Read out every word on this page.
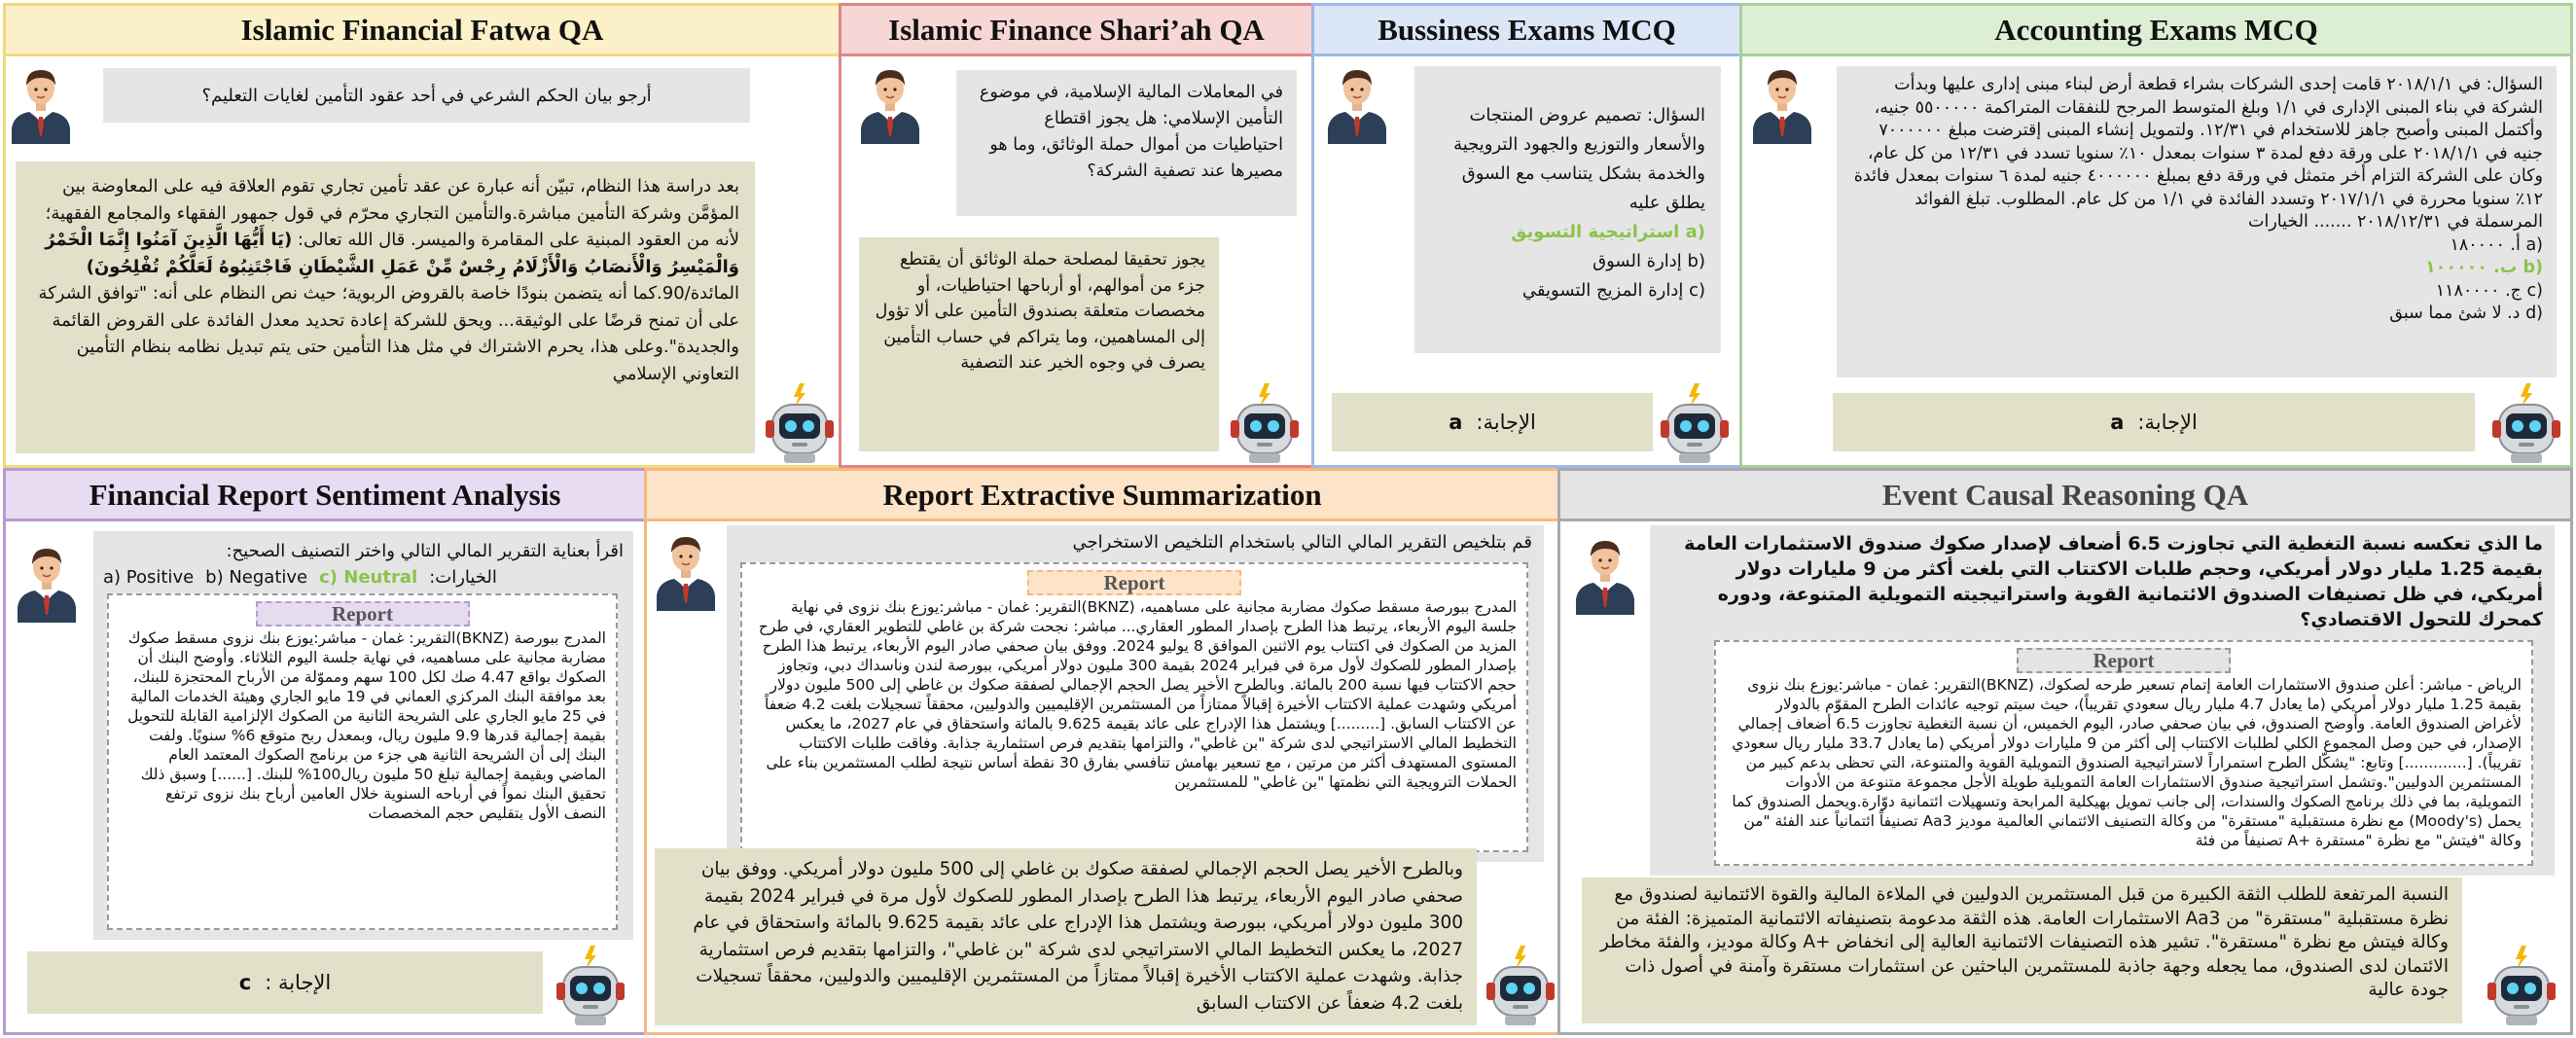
Islamic Financial Fatwa QA
أرجو بيان الحكم الشرعي في أحد عقود التأمين لغايات التعليم؟
بعد دراسة هذا النظام، تبيّن أنه عبارة عن عقد تأمين تجاري تقوم العلاقة فيه على المعاوضة بين المؤمَّن وشركة التأمين مباشرة.والتأمين التجاري محرّم في قول جمهور الفقهاء والمجامع الفقهية؛ لأنه من العقود المبنية على المقامرة والميسر. قال الله تعالى: (يَا أَيُّهَا الَّذِينَ آمَنُوا إِنَّمَا الْخَمْرُ وَالْمَيْسِرُ وَالْأَنصَابُ وَالْأَزْلَامُ رِجْسٌ مِّنْ عَمَلِ الشَّيْطَانِ فَاجْتَنِبُوهُ لَعَلَّكُمْ تُفْلِحُونَ) المائدة/90.كما أنه يتضمن بنودًا خاصة بالقروض الربوية؛ حيث نص النظام على أنه: "توافق الشركة على أن تمنح قرضًا على الوثيقة... ويحق للشركة إعادة تحديد معدل الفائدة على القروض القائمة والجديدة".وعلى هذا، يحرم الاشتراك في مثل هذا التأمين حتى يتم تبديل نظامه بنظام التأمين التعاوني الإسلامي
Islamic Finance Shari’ah QA
في المعاملات المالية الإسلامية، في موضوع التأمين الإسلامي: هل يجوز اقتطاع احتياطيات من أموال حملة الوثائق، وما هو مصيرها عند تصفية الشركة؟
يجوز تحقيقا لمصلحة حملة الوثائق أن يقتطع جزء من أموالهم، أو أرباحها احتياطيات، أو مخصصات متعلقة بصندوق التأمين على ألا تؤول إلى المساهمين، وما يتراكم في حساب التأمين يصرف في وجوه الخير عند التصفية
Bussiness Exams MCQ
السؤال: تصميم عروض المنتجات والأسعار والتوزيع والجهود الترويجية والخدمة بشكل يتناسب مع السوق يطلق عليه
a) استراتيجية التسويق
b) إدارة السوق
c) إدارة المزيج التسويقي
الإجابة:
a
Accounting Exams MCQ
السؤال: في ٢٠١٨/١/١ قامت إحدى الشركات بشراء قطعة أرض لبناء مبنى إدارى عليها وبدأت الشركة في بناء المبنى الإدارى في ١/١ وبلغ المتوسط المرجح للنفقات المتراكمة ٥٥٠٠٠٠٠ جنيه، وأكتمل المبنى وأصبح جاهز للاستخدام في ١٢/٣١. ولتمويل إنشاء المبنى إقترضت مبلغ ٧٠٠٠٠٠٠ جنيه في ٢٠١٨/١/١ على ورقة دفع لمدة ٣ سنوات بمعدل ١٠٪ سنويا تسدد في ١٢/٣١ من كل عام، وكان على الشركة التزام أخر متمثل في ورقة دفع بمبلغ ٤٠٠٠٠٠٠ جنيه لمدة ٦ سنوات بمعدل فائدة ١٢٪ سنويا محررة في ٢٠١٧/١/١ وتسدد الفائدة في ١/١ من كل عام. المطلوب. تبلغ الفوائد المرسملة في ٢٠١٨/١٢/٣١ ....... الخيارات
a) أ. ١٨٠٠٠٠
b) ب. ١٠٠٠٠٠
c) ج. ١١٨٠٠٠٠
d) د. لا شئ مما سبق
الإجابة:
a
Financial Report Sentiment Analysis
اقرأ بعناية التقرير المالي التالي واختر التصنيف الصحيح:
الخيارات:
c) Neutral
b) Negative
a) Positive
Report
المدرج ببورصة (BKNZ)التقرير: غمان - مباشر:يوزع بنك نزوى مسقط صكوك مضاربة مجانية على مساهميه، في نهاية جلسة اليوم الثلاثاء. وأوضح البنك أن الصكوك بواقع 4.47 صك لكل 100 سهم ومموّلة من الأرباح المحتجزة للبنك، بعد موافقة البنك المركزي العماني في 19 مايو الجاري وهيئة الخدمات المالية في 25 مايو الجاري على الشريحة الثانية من الصكوك الإلزامية القابلة للتحويل بقيمة إجمالية قدرها 9.9 مليون ريال، وبمعدل ربح متوقع 6% سنويًا. ولفت البنك إلى أن الشريحة الثانية هي جزء من برنامج الصكوك المعتمد العام الماضي وبقيمة إجمالية تبلغ 50 مليون ريال100% للبنك. [......] وسبق ذلك تحقيق البنك نمواً في أرباحه السنوية خلال العامين أرباح بنك نزوى ترتفع النصف الأول بتقليص حجم المخصصات
الإجابة :
c
Report Extractive Summarization
قم بتلخيص التقرير المالي التالي باستخدام التلخيص الاستخراجي
Report
المدرج ببورصة مسقط صكوك مضاربة مجانية على مساهميه، (BKNZ)التقرير: غمان - مباشر:يوزع بنك نزوى في نهاية جلسة اليوم الأربعاء، يرتبط هذا الطرح بإصدار المطور العقاري... مباشر: نجحت شركة بن غاطي للتطوير العقاري، في طرح المزيد من الصكوك في اكتتاب يوم الاثنين الموافق 8 يوليو 2024. ووفق بيان صحفي صادر اليوم الأربعاء، يرتبط هذا الطرح بإصدار المطور للصكوك لأول مرة في فبراير 2024 بقيمة 300 مليون دولار أمريكي، ببورصة لندن وناسداك دبي، وتجاوز حجم الاكتتاب فيها نسبة 200 بالمائة. وبالطرح الأخير يصل الحجم الإجمالي لصفقة صكوك بن غاطي إلى 500 مليون دولار أمريكي وشهدت عملية الاكتتاب الأخيرة إقبالاً ممتازاً من المستثمرين الإقليميين والدوليين، محققاً تسجيلات بلغت 4.2 ضعفاً عن الاكتتاب السابق. [.........] ويشتمل هذا الإدراج على عائد بقيمة 9.625 بالمائة واستحقاق في عام 2027، ما يعكس التخطيط المالي الاستراتيجي لدى شركة "بن غاطي"، والتزامها بتقديم فرص استثمارية جذابة. وفاقت طلبات الاكتتاب المستوى المستهدف أكثر من مرتين ، مع تسعير بهامش تنافسي بفارق 30 نقطة أساس نتيجة لطلب المستثمرين بناء على الحملات الترويجية التي نظمتها "بن غاطي" للمستثمرين
وبالطرح الأخير يصل الحجم الإجمالي لصفقة صكوك بن غاطي إلى 500 مليون دولار أمريكي. ووفق بيان صحفي صادر اليوم الأربعاء، يرتبط هذا الطرح بإصدار المطور للصكوك لأول مرة في فبراير 2024 بقيمة 300 مليون دولار أمريكي، ببورصة ويشتمل هذا الإدراج على عائد بقيمة 9.625 بالمائة واستحقاق في عام 2027، ما يعكس التخطيط المالي الاستراتيجي لدى شركة "بن غاطي"، والتزامها بتقديم فرص استثمارية جذابة. وشهدت عملية الاكتتاب الأخيرة إقبالاً ممتازاً من المستثمرين الإقليميين والدوليين، محققاً تسجيلات بلغت 4.2 ضعفاً عن الاكتتاب السابق
Event Causal Reasoning QA
ما الذي تعكسه نسبة التغطية التي تجاوزت 6.5 أضعاف لإصدار صكوك صندوق الاستثمارات العامة بقيمة 1.25 مليار دولار أمريكي، وحجم طلبات الاكتتاب التي بلغت أكثر من 9 مليارات دولار أمريكي، في ظل تصنيفات الصندوق الائتمانية القوية واستراتيجيته التمويلية المتنوعة، ودوره كمحرك للتحول الاقتصادي؟
Report
الرياض - مباشر: أعلن صندوق الاستثمارات العامة إتمام تسعير طرحه لصكوك، (BKNZ)التقرير: غمان - مباشر:يوزع بنك نزوى بقيمة 1.25 مليار دولار أمريكي (ما يعادل 4.7 مليار ريال سعودي تقريباً)، حيث سيتم توجيه عائدات الطرح المقوّم بالدولار لأغراض الصندوق العامة. وأوضح الصندوق، في بيان صحفي صادر، اليوم الخميس، أن نسبة التغطية تجاوزت 6.5 أضعاف إجمالي الإصدار، في حين وصل المجموع الكلي لطلبات الاكتتاب إلى أكثر من 9 مليارات دولار أمريكي (ما يعادل 33.7 مليار ريال سعودي تقريباً). [.............] وتابع: "يشكّل الطرح استمراراً لاستراتيجية الصندوق التمويلية القوية والمتنوعة، التي تحظى بدعم كبير من المستثمرين الدوليين".وتشمل استراتيجية صندوق الاستثمارات العامة التمويلية طويلة الأجل مجموعة متنوعة من الأدوات التمويلية، بما في ذلك برنامج الصكوك والسندات، إلى جانب تمويل بهيكلية المرابحة وتسهيلات ائتمانية دوّارة.ويحمل الصندوق كما يحمل (Moody's) مع نظرة مستقبلية "مستقرة" من وكالة التصنيف الائتماني العالمية موديز Aa3 تصنيفاً ائتمانياً عند الفئة "من وكالة "فيتش" مع نظرة "مستقرة +A تصنيفاً من فئة
النسبة المرتفعة للطلب الثقة الكبيرة من قبل المستثمرين الدوليين في الملاءة المالية والقوة الائتمانية لصندوق مع نظرة مستقبلية "مستقرة" من Aa3 الاستثمارات العامة. هذه الثقة مدعومة بتصنيفاته الائتمانية المتميزة: الفئة من وكالة فيتش مع نظرة "مستقرة". تشير هذه التصنيفات الائتمانية العالية إلى انخفاض +A وكالة موديز، والفئة مخاطر الائتمان لدى الصندوق، مما يجعله وجهة جاذبة للمستثمرين الباحثين عن استثمارات مستقرة وآمنة في أصول ذات جودة عالية
